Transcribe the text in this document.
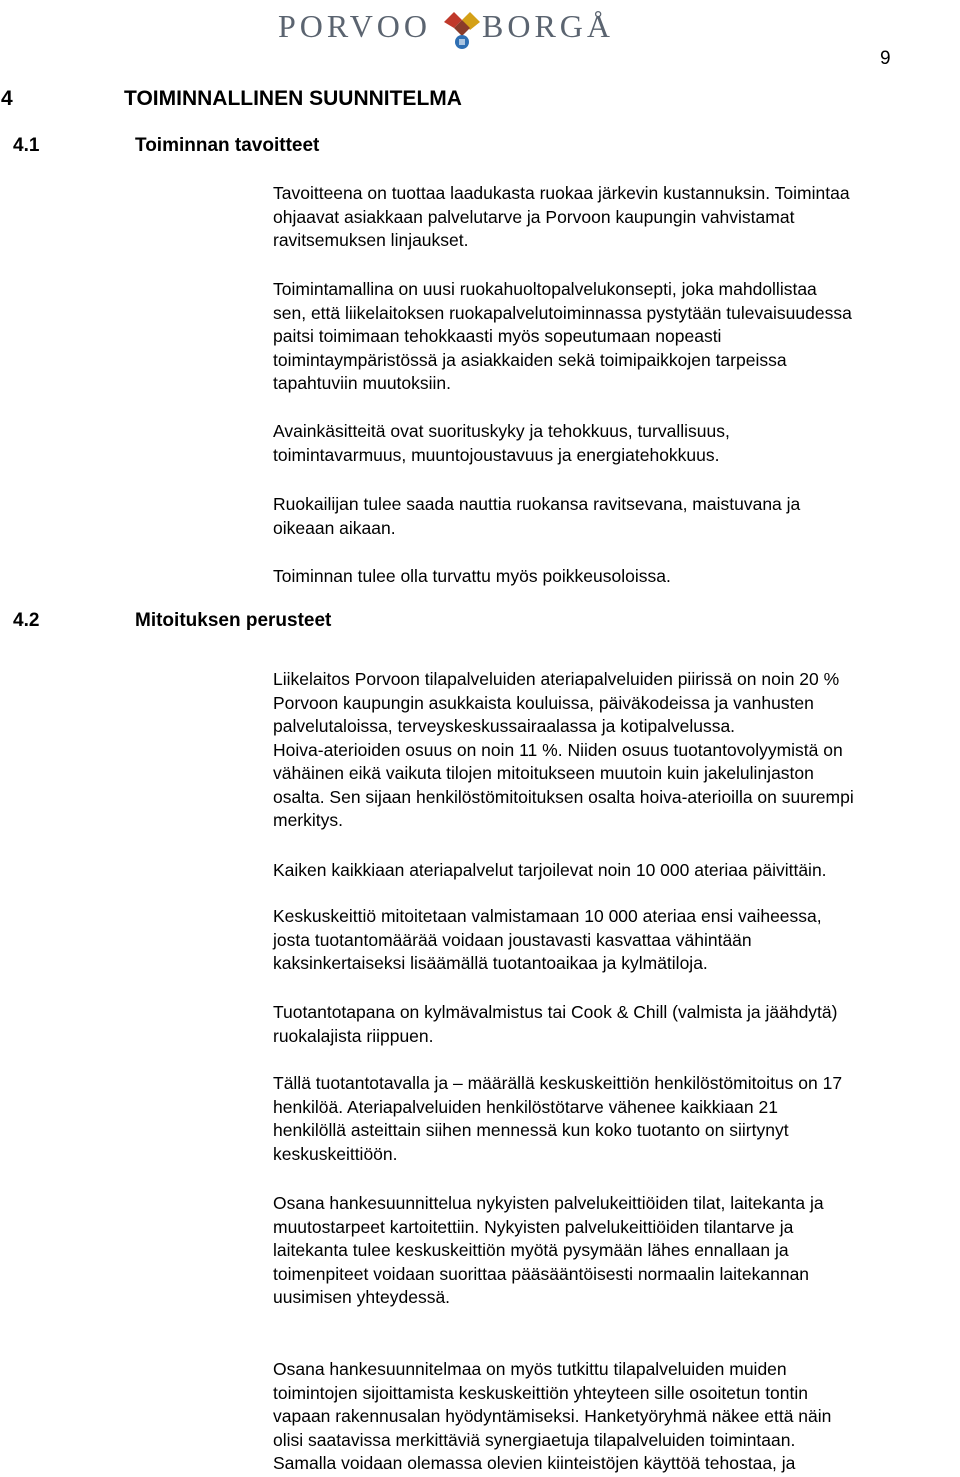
PORVOO BORGÅ
9
4	TOIMINNALLINEN SUUNNITELMA
4.1	Toiminnan tavoitteet
4.2	Mitoituksen perusteet
Tavoitteena on tuottaa laadukasta ruokaa järkevin kustannuksin. Toimintaa
ohjaavat asiakkaan palvelutarve ja Porvoon kaupungin vahvistamat
ravitsemuksen linjaukset.
Toimintamallina on uusi ruokahuoltopalvelukonsepti, joka mahdollistaa
sen, että liikelaitoksen ruokapalvelutoiminnassa pystytään tulevaisuudessa
paitsi toimimaan tehokkaasti myös sopeutumaan nopeasti
toimintaympäristössä ja asiakkaiden sekä toimipaikkojen tarpeissa
tapahtuviin muutoksiin.
Avainkäsitteitä ovat suorituskyky ja tehokkuus, turvallisuus,
toimintavarmuus, muuntojoustavuus ja energiatehokkuus.
Ruokailijan tulee saada nauttia ruokansa ravitsevana, maistuvana ja
oikeaan aikaan.
Toiminnan tulee olla turvattu myös poikkeusoloissa.
Liikelaitos Porvoon tilapalveluiden ateriapalveluiden piirissä on noin 20 %
Porvoon kaupungin asukkaista kouluissa, päiväkodeissa ja vanhusten
palvelutaloissa, terveyskeskussairaalassa ja kotipalvelussa.
Hoiva-aterioiden osuus on noin 11 %. Niiden osuus tuotantovolyymistä on
vähäinen eikä vaikuta tilojen mitoitukseen muutoin kuin jakelulinjaston
osalta. Sen sijaan henkilöstömitoituksen osalta hoiva-aterioilla on suurempi
merkitys.
Kaiken kaikkiaan ateriapalvelut tarjoilevat noin 10 000 ateriaa päivittäin.
Keskuskeittiö mitoitetaan valmistamaan 10 000 ateriaa ensi vaiheessa,
josta tuotantomäärää voidaan joustavasti kasvattaa vähintään
kaksinkertaiseksi lisäämällä tuotantoaikaa ja kylmätiloja.
Tuotantotapana on kylmävalmistus tai Cook & Chill (valmista ja jäähdytä)
ruokalajista riippuen.
Tällä tuotantotavalla ja – määrällä keskuskeittiön henkilöstömitoitus on 17
henkilöä. Ateriapalveluiden henkilöstötarve vähenee kaikkiaan 21
henkilöllä asteittain siihen mennessä kun koko tuotanto on siirtynyt
keskuskeittiöön.
Osana hankesuunnittelua nykyisten palvelukeittiöiden tilat, laitekanta ja
muutostarpeet kartoitettiin. Nykyisten palvelukeittiöiden tilantarve ja
laitekanta tulee keskuskeittiön myötä pysymään lähes ennallaan ja
toimenpiteet voidaan suorittaa pääsääntöisesti normaalin laitekannan
uusimisen yhteydessä.
Osana hankesuunnitelmaa on myös tutkittu tilapalveluiden muiden
toimintojen sijoittamista keskuskeittiön yhteyteen sille osoitetun tontin
vapaan rakennusalan hyödyntämiseksi. Hanketyöryhmä näkee että näin
olisi saatavissa merkittäviä synergiaetuja tilapalveluiden toimintaan.
Samalla voidaan olemassa olevien kiinteistöjen käyttöä tehostaa, ja
